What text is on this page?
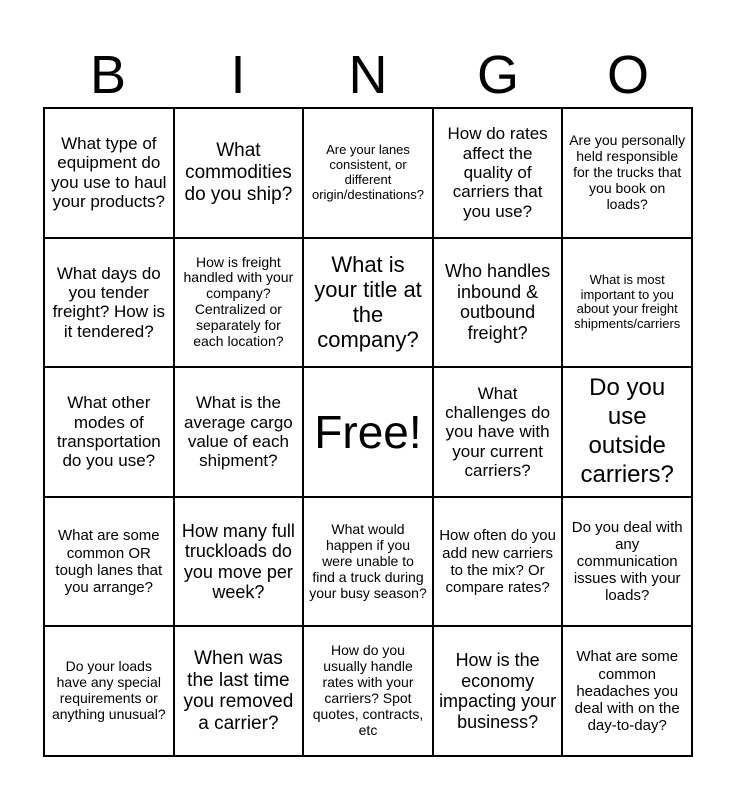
B	I	N	G	O
What type of equipment do you use to haul your products?
What commodities do you ship?
Are your lanes consistent, or different origin/destinations?
How do rates affect the quality of carriers that you use?
Are you personally held responsible for the trucks that you book on loads?
What days do you tender freight? How is it tendered?
How is freight handled with your company? Centralized or separately for each location?
What is your title at the company?
Who handles inbound & outbound freight?
What is most important to you about your freight shipments/carriers
What other modes of transportation do you use?
What is the average cargo value of each shipment?
Free!
What challenges do you have with your current carriers?
Do you use outside carriers?
What are some common OR tough lanes that you arrange?
How many full truckloads do you move per week?
What would happen if you were unable to find a truck during your busy season?
How often do you add new carriers to the mix? Or compare rates?
Do you deal with any communication issues with your loads?
Do your loads have any special requirements or anything unusual?
When was the last time you removed a carrier?
How do you usually handle rates with your carriers? Spot quotes, contracts, etc
How is the economy impacting your business?
What are some common headaches you deal with on the day-to-day?
